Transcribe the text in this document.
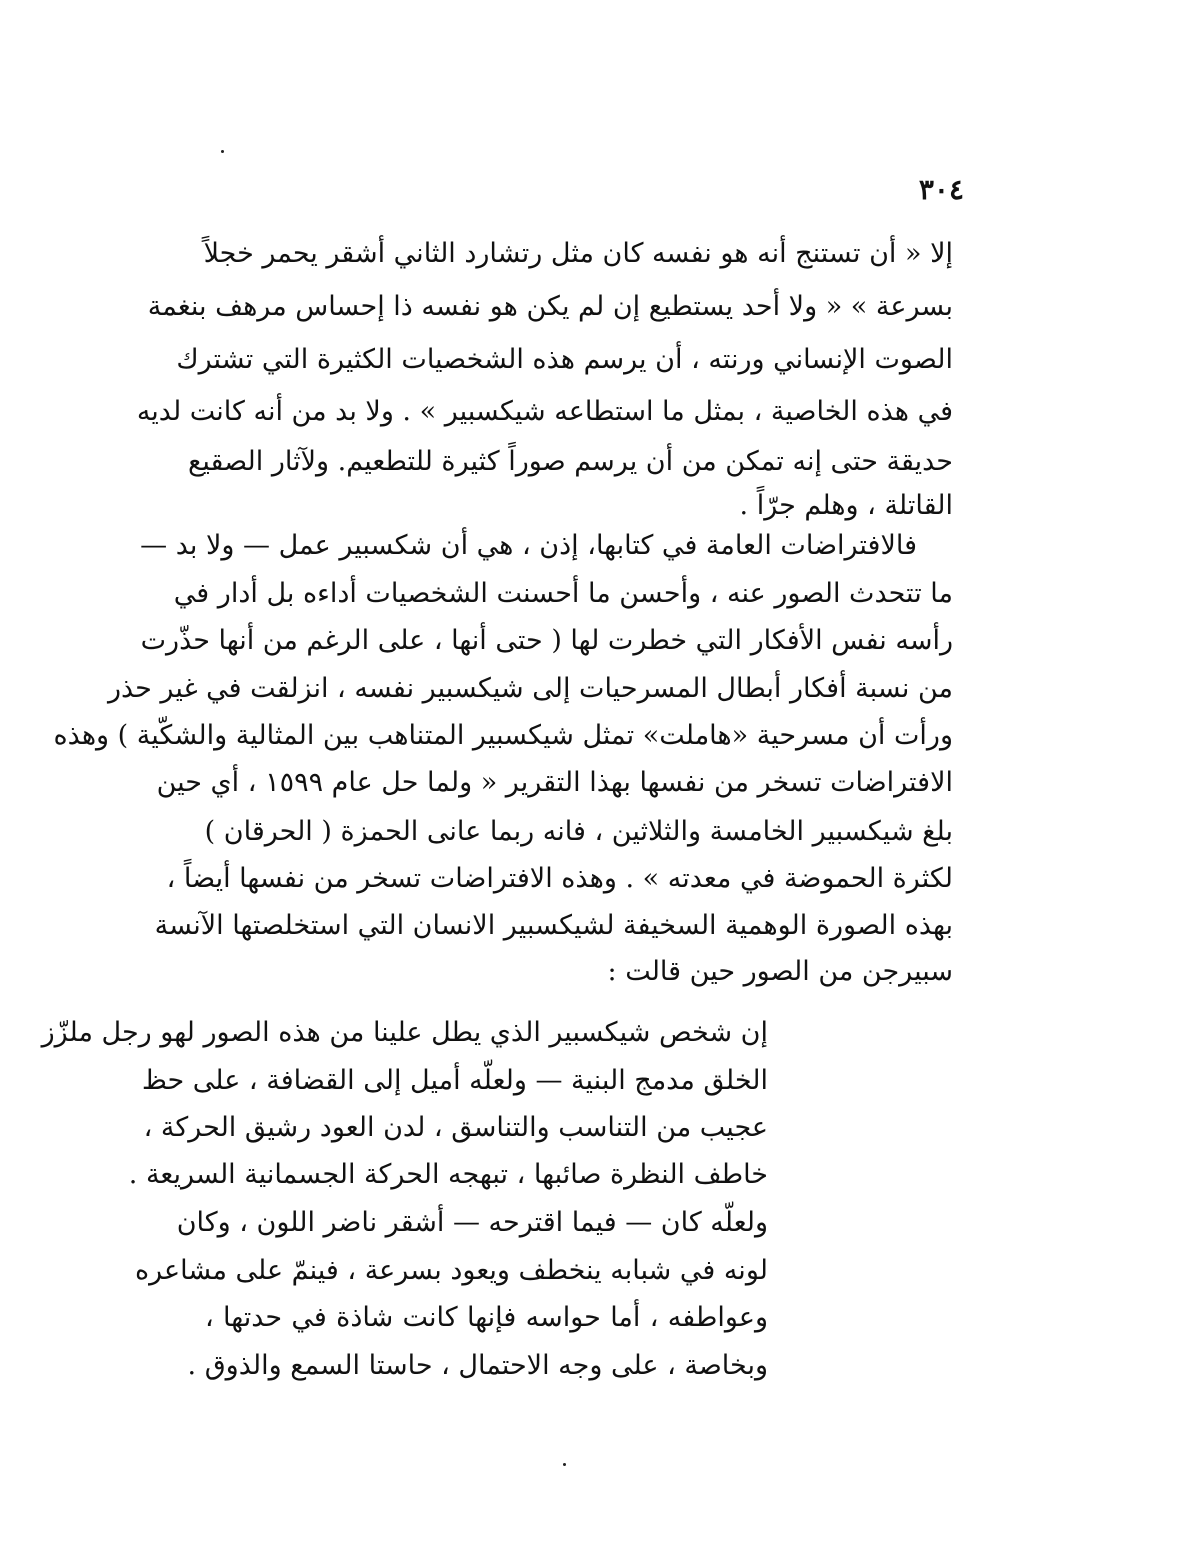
٣٠٤
إلا « أن تستنج أنه هو نفسه كان مثل رتشارد الثاني أشقر يحمر خجلاً
بسرعة » « ولا أحد يستطيع إن لم يكن هو نفسه ذا إحساس مرهف بنغمة
الصوت الإنساني ورنته ، أن يرسم هذه الشخصيات الكثيرة التي تشترك
في هذه الخاصية ، بمثل ما استطاعه شيكسبير » . ولا بد من أنه كانت لديه
حديقة حتى إنه تمكن من أن يرسم صوراً كثيرة للتطعيم. ولآثار الصقيع
القاتلة ، وهلم جرّاً .
فالافتراضات العامة في كتابها، إذن ، هي أن شكسبير عمل — ولا بد —
ما تتحدث الصور عنه ، وأحسن ما أحسنت الشخصيات أداءه بل أدار في
رأسه نفس الأفكار التي خطرت لها ( حتى أنها ، على الرغم من أنها حذّرت
من نسبة أفكار أبطال المسرحيات إلى شيكسبير نفسه ، انزلقت في غير حذر
ورأت أن مسرحية «هاملت» تمثل شيكسبير المتناهب بين المثالية والشكّية ) وهذه
الافتراضات تسخر من نفسها بهذا التقرير « ولما حل عام ١٥٩٩ ، أي حين
بلغ شيكسبير الخامسة والثلاثين ، فانه ربما عانى الحمزة ( الحرقان )
لكثرة الحموضة في معدته » . وهذه الافتراضات تسخر من نفسها أيضاً ،
بهذه الصورة الوهمية السخيفة لشيكسبير الانسان التي استخلصتها الآنسة
سبيرجن من الصور حين قالت :
إن شخص شيكسبير الذي يطل علينا من هذه الصور لهو رجل ملزّز
الخلق مدمج البنية — ولعلّه أميل إلى القضافة ، على حظ
عجيب من التناسب والتناسق ، لدن العود رشيق الحركة ،
خاطف النظرة صائبها ، تبهجه الحركة الجسمانية السريعة .
ولعلّه كان — فيما اقترحه — أشقر ناضر اللون ، وكان
لونه في شبابه ينخطف ويعود بسرعة ، فينمّ على مشاعره
وعواطفه ، أما حواسه فإنها كانت شاذة في حدتها ،
وبخاصة ، على وجه الاحتمال ، حاستا السمع والذوق .
